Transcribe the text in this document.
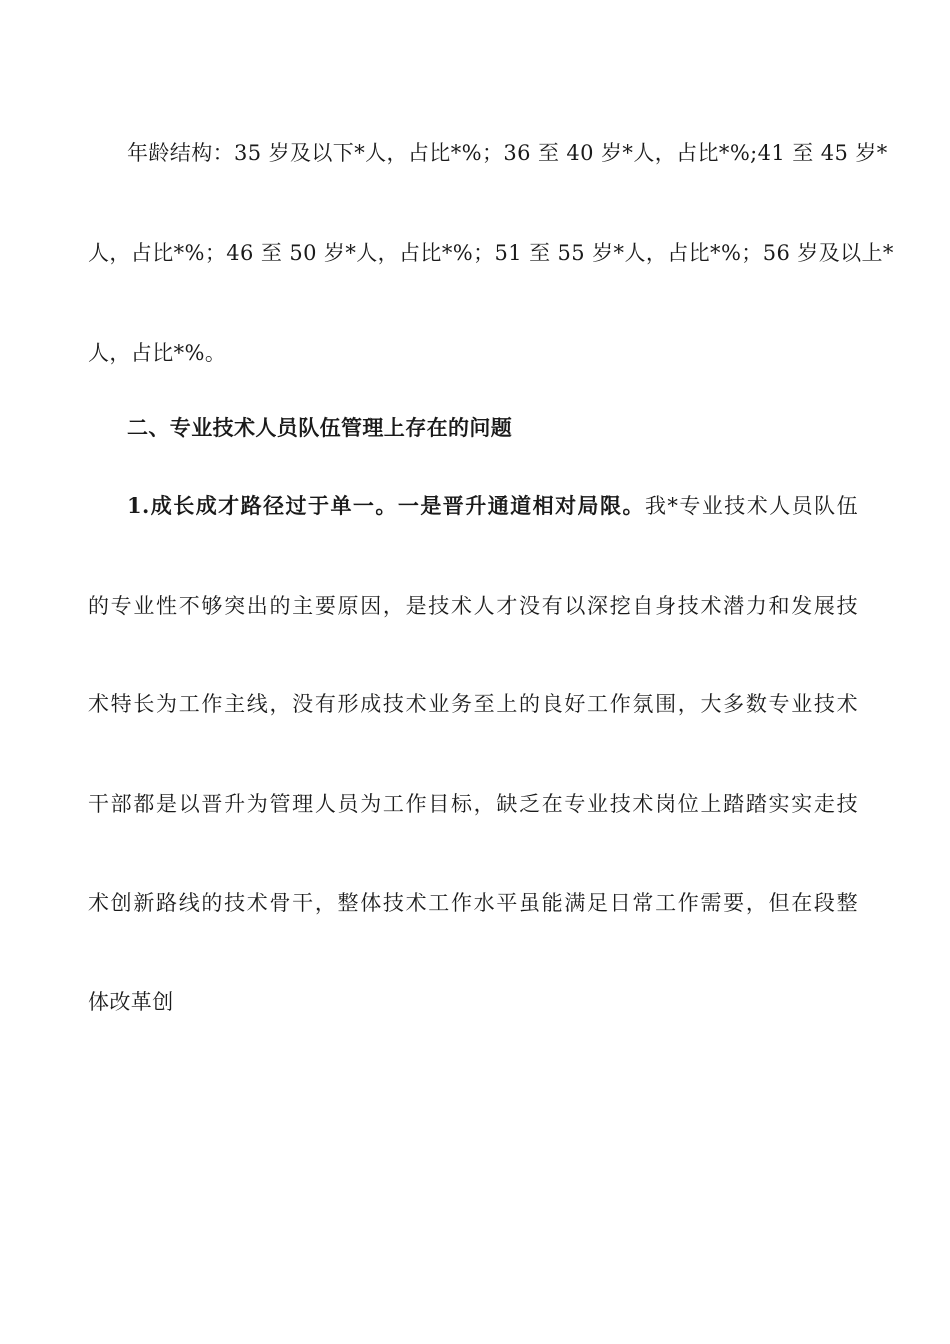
年龄结构：35 岁及以下*人，占比*%；36 至 40 岁*人，占比*%;41 至 45 岁*
人，占比*%；46 至 50 岁*人，占比*%；51 至 55 岁*人，占比*%；56 岁及以上*
人，占比*%。
二、专业技术人员队伍管理上存在的问题
1.成长成才路径过于单一。一是晋升通道相对局限。我*专业技术人员队伍
的专业性不够突出的主要原因，是技术人才没有以深挖自身技术潜力和发展技
术特长为工作主线，没有形成技术业务至上的良好工作氛围，大多数专业技术
干部都是以晋升为管理人员为工作目标，缺乏在专业技术岗位上踏踏实实走技
术创新路线的技术骨干，整体技术工作水平虽能满足日常工作需要，但在段整
体改革创
